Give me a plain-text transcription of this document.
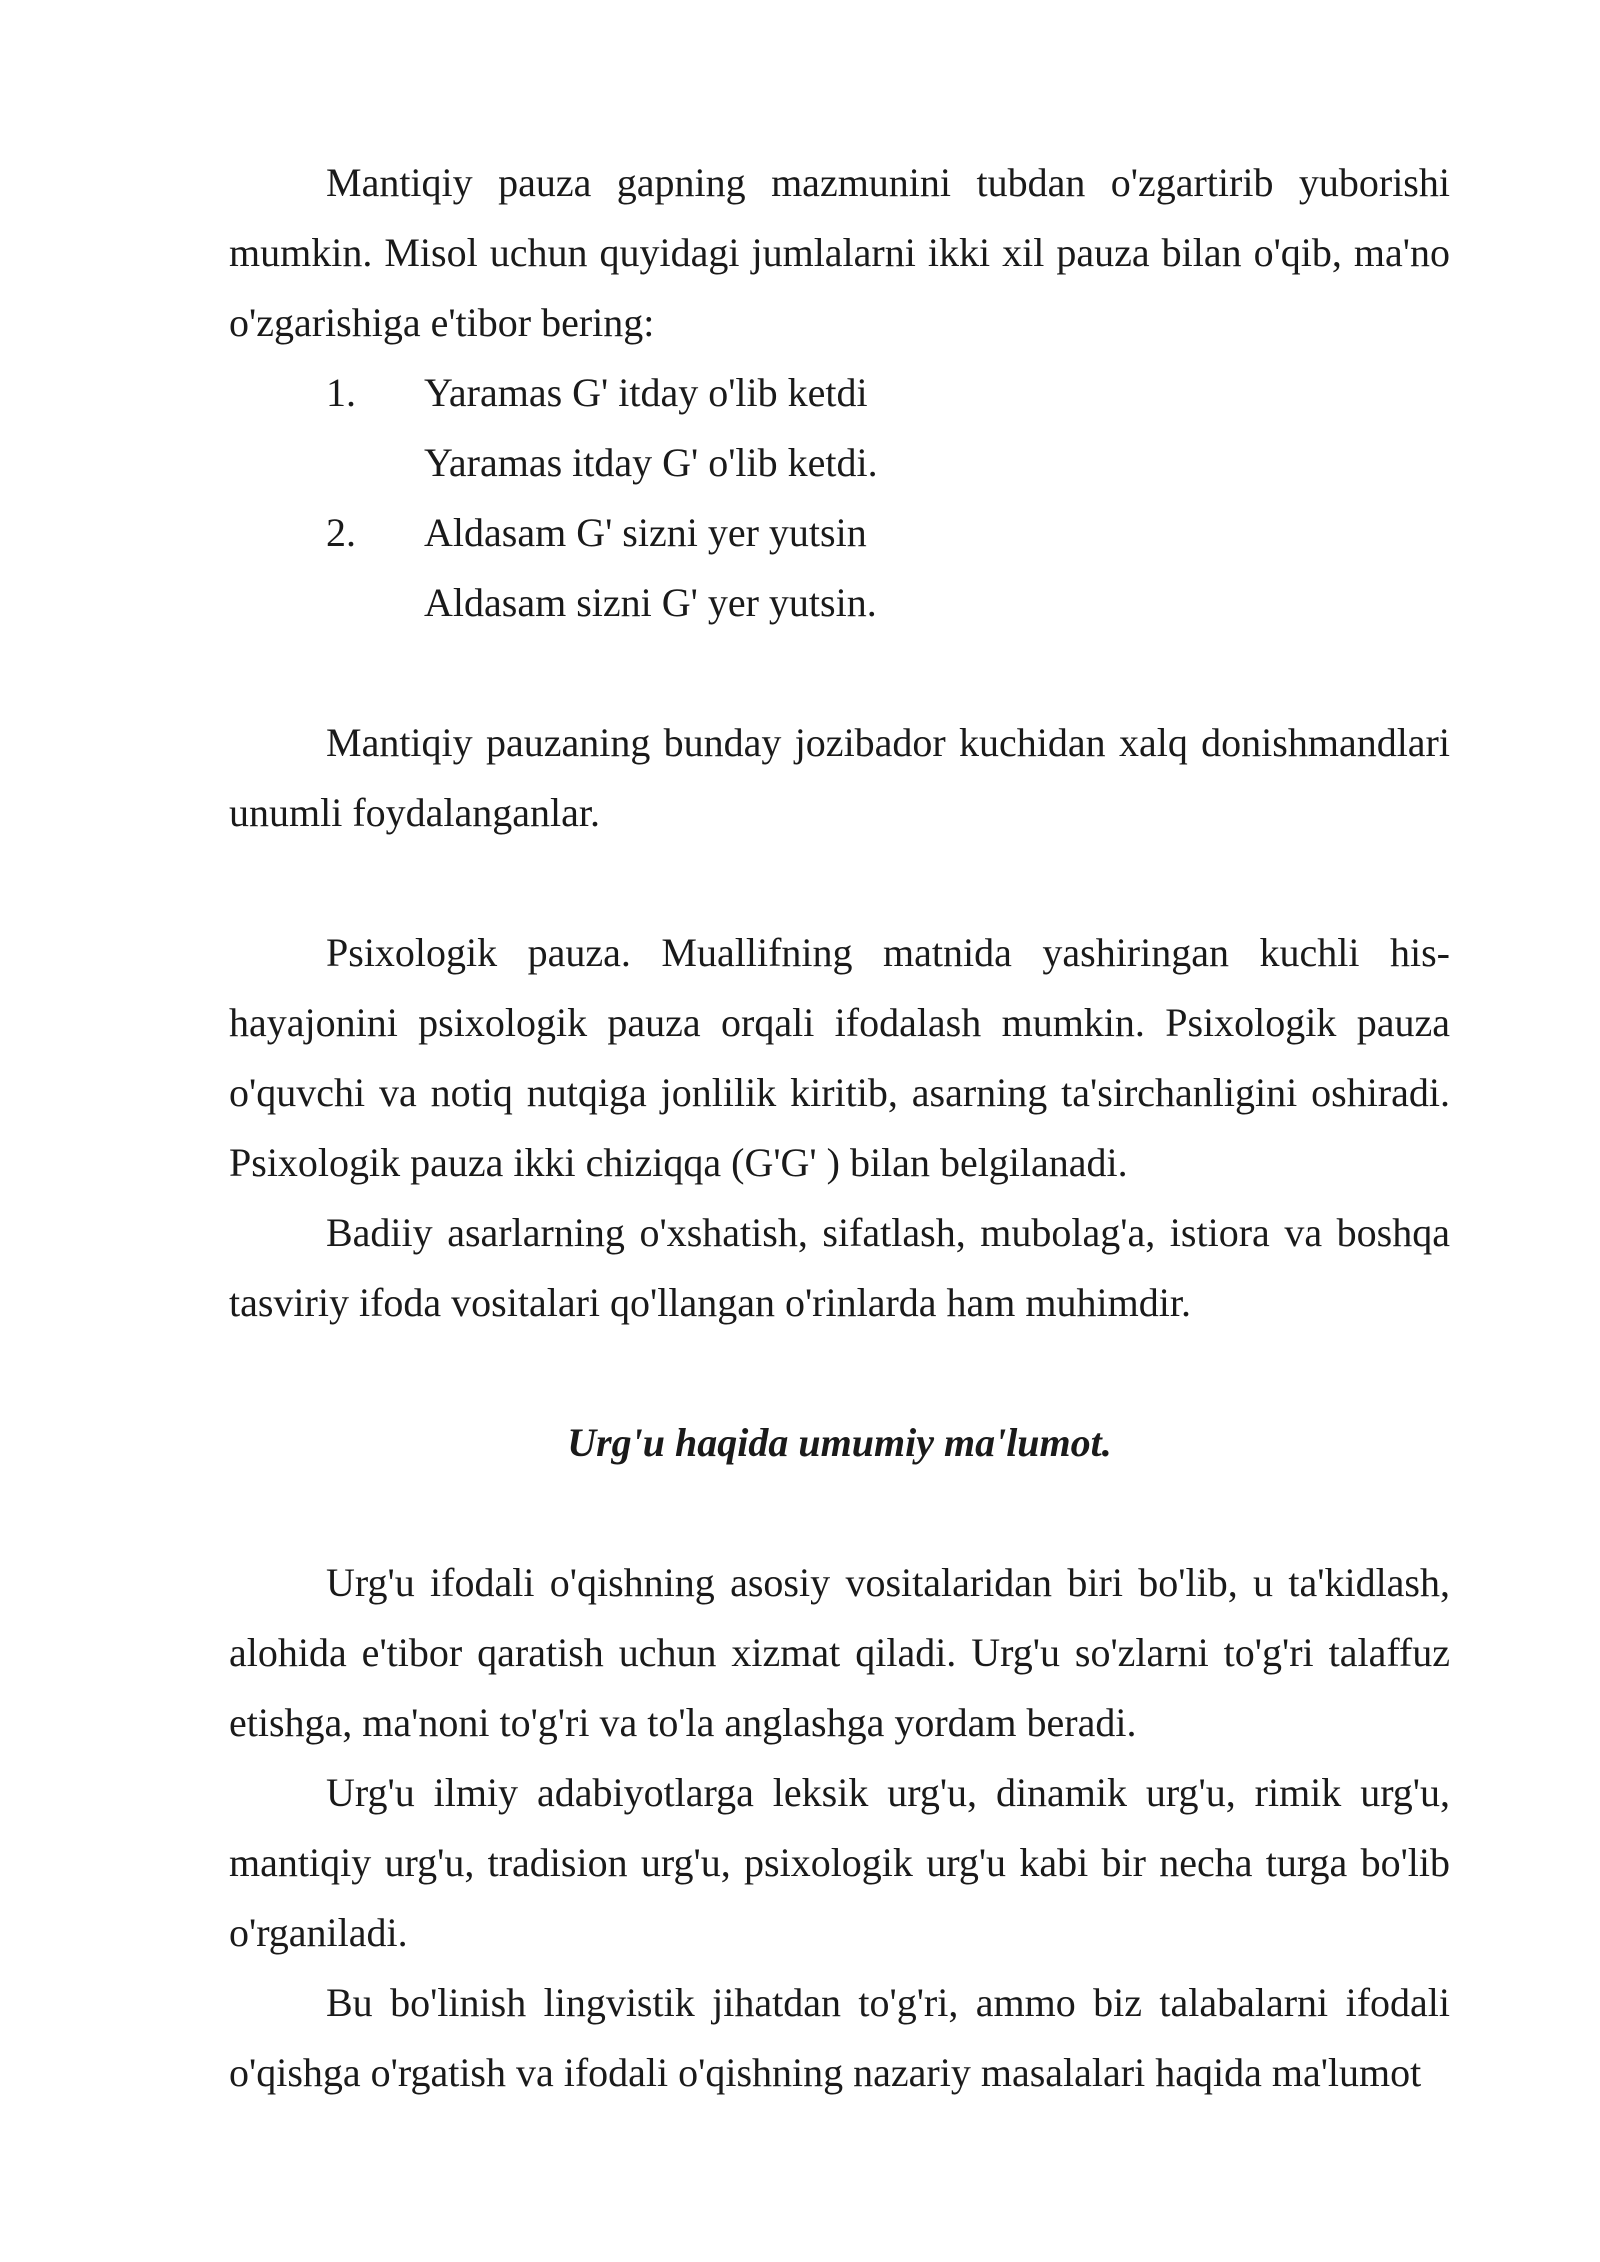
Mantiqiy pauza gapning mazmunini tubdan o'zgartirib yuborishi mumkin. Misol uchun quyidagi jumlalarni ikki xil pauza bilan o'qib, ma'no o'zgarishiga e'tibor bering:

1. Yaramas G' itday o'lib ketdi
Yaramas itday G' o'lib ketdi.
2. Aldasam G' sizni yer yutsin
Aldasam sizni G' yer yutsin.

Mantiqiy pauzaning bunday jozibador kuchidan xalq donishmandlari unumli foydalanganlar.

Psixologik pauza. Muallifning matnida yashiringan kuchli his-hayajonini psixologik pauza orqali ifodalash mumkin. Psixologik pauza o'quvchi va notiq nutqiga jonlilik kiritib, asarning ta'sirchanligini oshiradi. Psixologik pauza ikki chiziqqa (G'G' ) bilan belgilanadi.

Badiiy asarlarning o'xshatish, sifatlash, mubolag'a, istiora va boshqa tasviriy ifoda vositalari qo'llangan o'rinlarda ham muhimdir.

Urg'u haqida umumiy ma'lumot.

Urg'u ifodali o'qishning asosiy vositalaridan biri bo'lib, u ta'kidlash, alohida e'tibor qaratish uchun xizmat qiladi. Urg'u so'zlarni to'g'ri talaffuz etishga, ma'noni to'g'ri va to'la anglashga yordam beradi.

Urg'u ilmiy adabiyotlarga leksik urg'u, dinamik urg'u, rimik urg'u, mantiqiy urg'u, tradision urg'u, psixologik urg'u kabi bir necha turga bo'lib o'rganiladi.

Bu bo'linish lingvistik jihatdan to'g'ri, ammo biz talabalarni ifodali o'qishga o'rgatish va ifodali o'qishning nazariy masalalari haqida ma'lumot
